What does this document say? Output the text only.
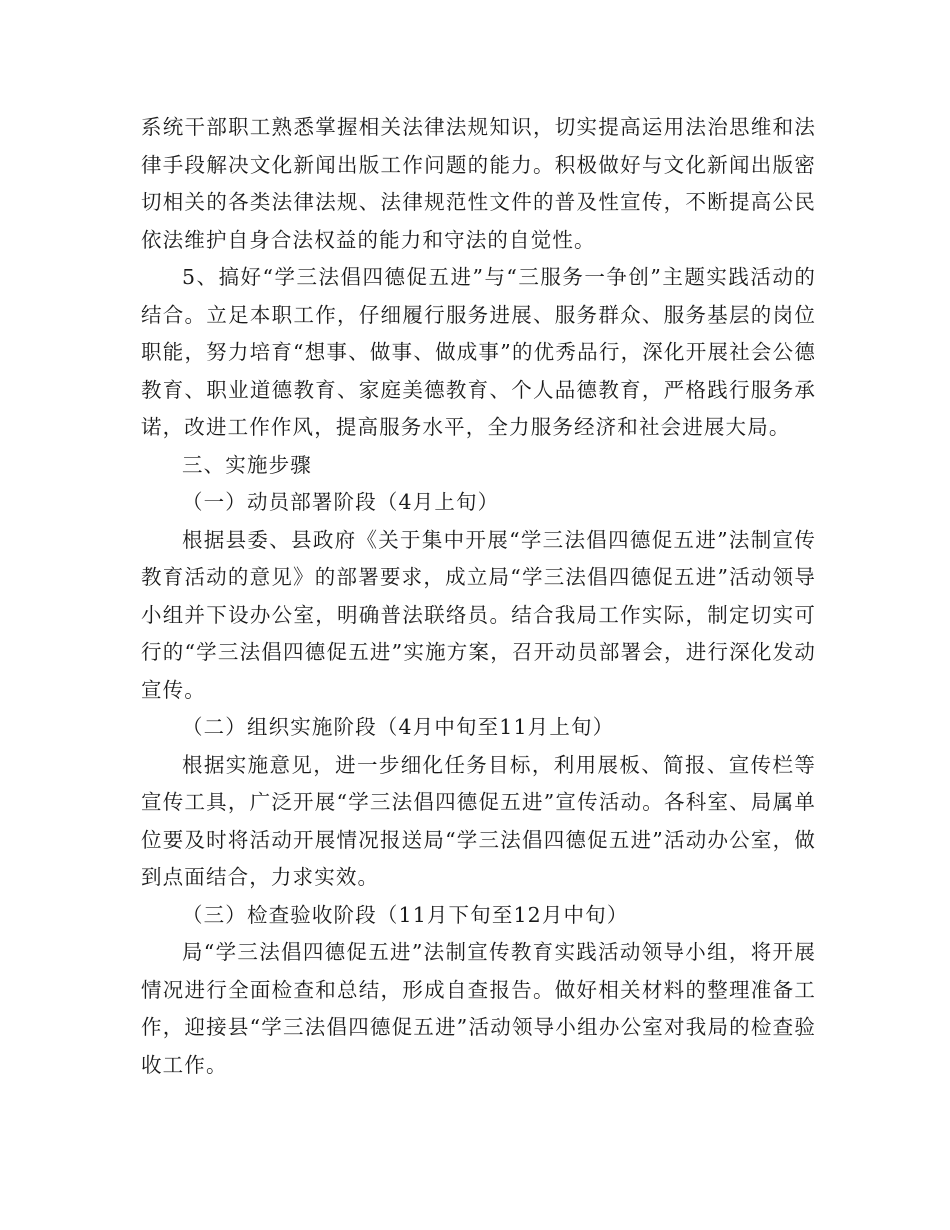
系统干部职工熟悉掌握相关法律法规知识，切实提高运用法治思维和法律手段解决文化新闻出版工作问题的能力。积极做好与文化新闻出版密切相关的各类法律法规、法律规范性文件的普及性宣传，不断提高公民依法维护自身合法权益的能力和守法的自觉性。

5、搞好“学三法倡四德促五进”与“三服务一争创”主题实践活动的结合。立足本职工作，仔细履行服务进展、服务群众、服务基层的岗位职能，努力培育“想事、做事、做成事”的优秀品行，深化开展社会公德教育、职业道德教育、家庭美德教育、个人品德教育，严格践行服务承诺，改进工作作风，提高服务水平，全力服务经济和社会进展大局。

三、实施步骤

（一）动员部署阶段（4月上旬）

根据县委、县政府《关于集中开展“学三法倡四德促五进”法制宣传教育活动的意见》的部署要求，成立局“学三法倡四德促五进”活动领导小组并下设办公室，明确普法联络员。结合我局工作实际，制定切实可行的“学三法倡四德促五进”实施方案，召开动员部署会，进行深化发动宣传。

（二）组织实施阶段（4月中旬至11月上旬）

根据实施意见，进一步细化任务目标，利用展板、简报、宣传栏等宣传工具，广泛开展“学三法倡四德促五进”宣传活动。各科室、局属单位要及时将活动开展情况报送局“学三法倡四德促五进”活动办公室，做到点面结合，力求实效。

（三）检查验收阶段（11月下旬至12月中旬）

局“学三法倡四德促五进”法制宣传教育实践活动领导小组，将开展情况进行全面检查和总结，形成自查报告。做好相关材料的整理准备工作，迎接县“学三法倡四德促五进”活动领导小组办公室对我局的检查验收工作。
